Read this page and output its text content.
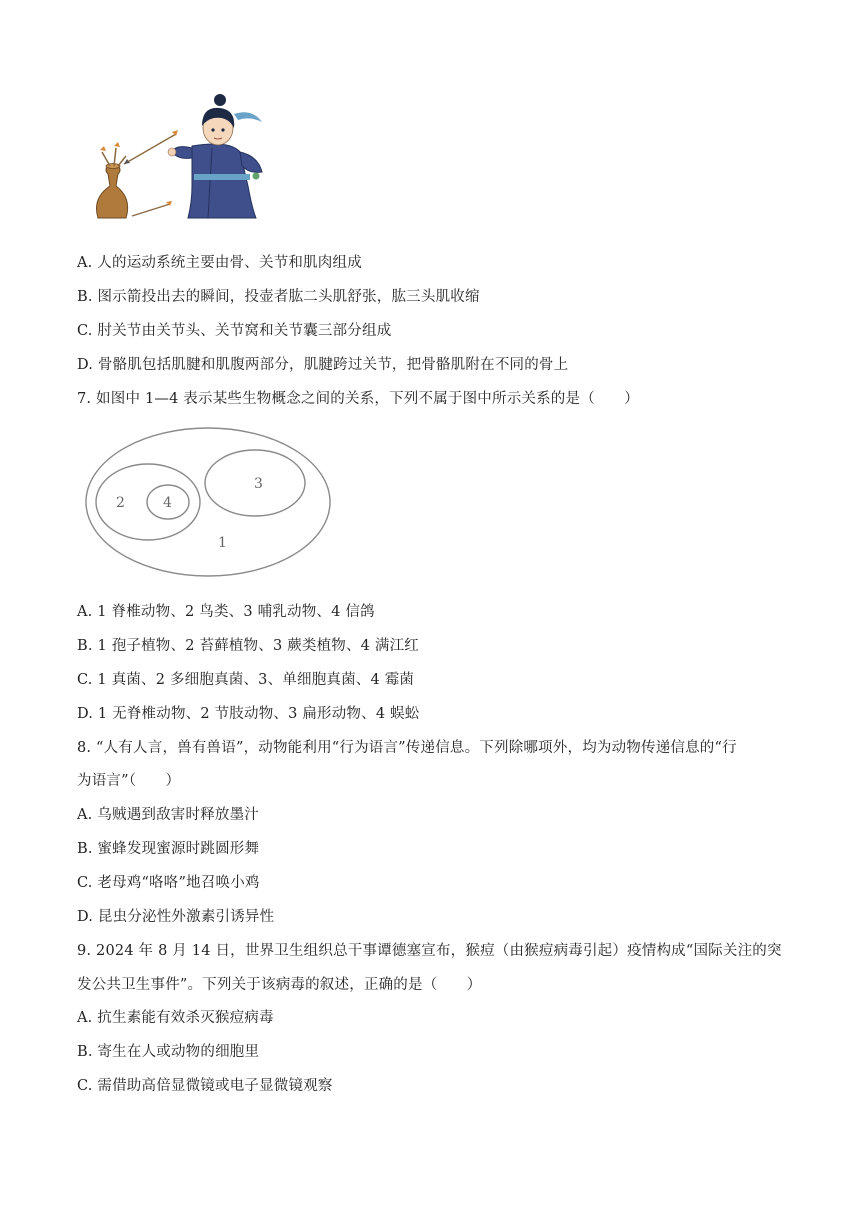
A. 人的运动系统主要由骨、关节和肌肉组成
B. 图示箭投出去的瞬间，投壶者肱二头肌舒张，肱三头肌收缩
C. 肘关节由关节头、关节窝和关节囊三部分组成
D. 骨骼肌包括肌腱和肌腹两部分，肌腱跨过关节，把骨骼肌附在不同的骨上
7. 如图中 1—4 表示某些生物概念之间的关系，下列不属于图中所示关系的是（　　）
1
2
3
4
A. 1 脊椎动物、2 鸟类、3 哺乳动物、4 信鸽
B. 1 孢子植物、2 苔藓植物、3 蕨类植物、4 满江红
C. 1 真菌、2 多细胞真菌、3、单细胞真菌、4 霉菌
D. 1 无脊椎动物、2 节肢动物、3 扁形动物、4 蜈蚣
8. “人有人言，兽有兽语”，动物能利用“行为语言”传递信息。下列除哪项外，均为动物传递信息的“行
为语言”（　　）
A. 乌贼遇到敌害时释放墨汁
B. 蜜蜂发现蜜源时跳圆形舞
C. 老母鸡“咯咯”地召唤小鸡
D. 昆虫分泌性外激素引诱异性
9. 2024 年 8 月 14 日，世界卫生组织总干事谭德塞宣布，猴痘（由猴痘病毒引起）疫情构成“国际关注的突
发公共卫生事件”。下列关于该病毒的叙述，正确的是（　　）
A. 抗生素能有效杀灭猴痘病毒
B. 寄生在人或动物的细胞里
C. 需借助高倍显微镜或电子显微镜观察
